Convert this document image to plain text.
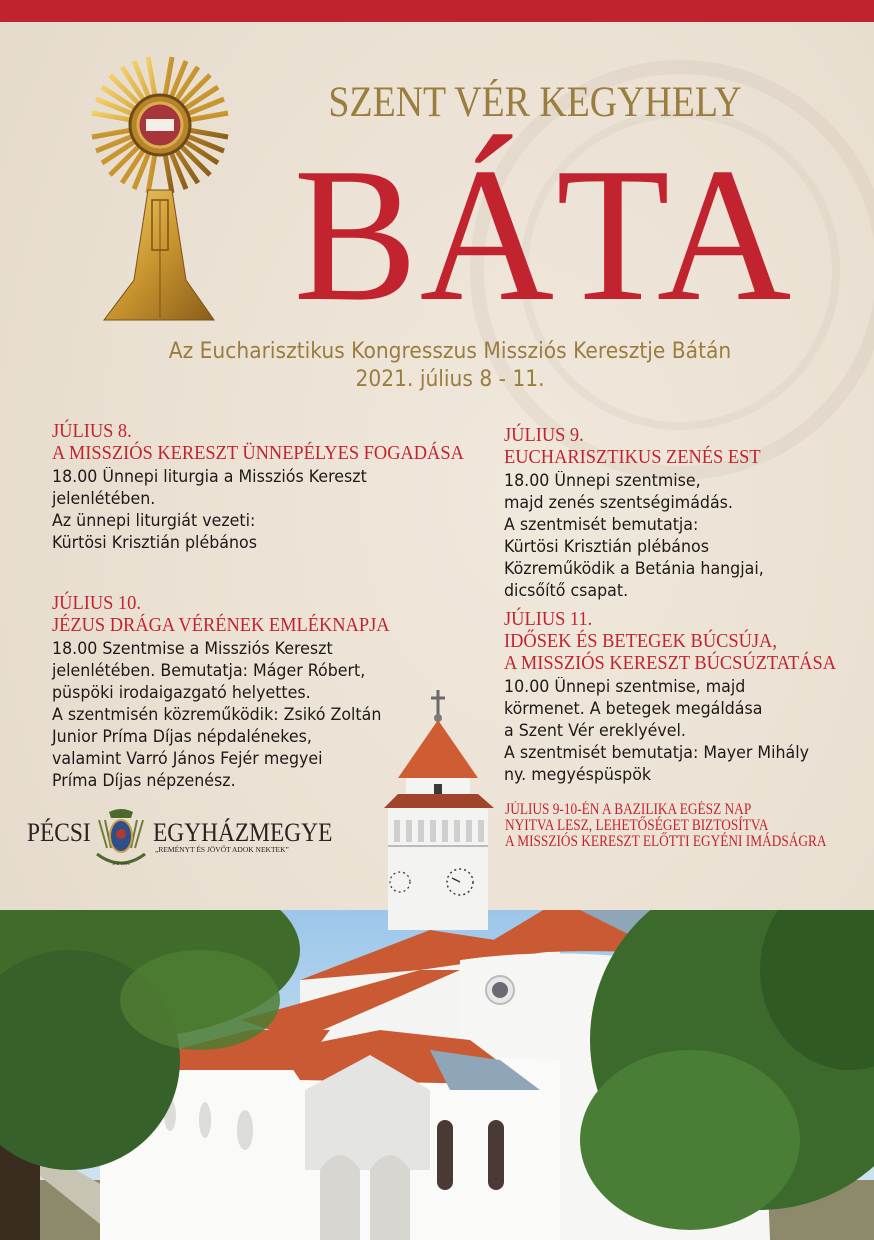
SZENT VÉR KEGYHELY
BÁTA
Az Eucharisztikus Kongresszus Missziós Keresztje Bátán
2021. július 8 - 11.
JÚLIUS 8.
A MISSZIÓS KERESZT ÜNNEPÉLYES FOGADÁSA
18.00 Ünnepi liturgia a Missziós Kereszt
jelenlétében.
Az ünnepi liturgiát vezeti:
Kürtösi Krisztián plébános
JÚLIUS 9.
EUCHARISZTIKUS ZENÉS EST
18.00 Ünnepi szentmise,
majd zenés szentségimádás.
A szentmisét bemutatja:
Kürtösi Krisztián plébános
Közreműködik a Betánia hangjai,
dicsőítő csapat.
JÚLIUS 10.
JÉZUS DRÁGA VÉRÉNEK EMLÉKNAPJA
18.00 Szentmise a Missziós Kereszt
jelenlétében. Bemutatja: Máger Róbert,
püspöki irodaigazgató helyettes.
A szentmisén közreműködik: Zsikó Zoltán
Junior Príma Díjas népdalénekes,
valamint Varró János Fejér megyei
Príma Díjas népzenész.
JÚLIUS 11.
IDŐSEK ÉS BETEGEK BÚCSÚJA,
A MISSZIÓS KERESZT BÚCSÚZTATÁSA
10.00 Ünnepi szentmise, majd
körmenet. A betegek megáldása
a Szent Vér ereklyével.
A szentmisét bemutatja: Mayer Mihály
ny. megyéspüspök
JÚLIUS 9-10-ÉN A BAZILIKA EGÉSZ NAP
NYITVA LESZ, LEHETŐSÉGET BIZTOSÍTVA
A MISSZIÓS KERESZT ELŐTTI EGYÉNI IMÁDSÁGRA
PÉCSI
A·D·1009
EGYHÁZMEGYE
„REMÉNYT ÉS JÖVŐT ADOK NEKTEK”
